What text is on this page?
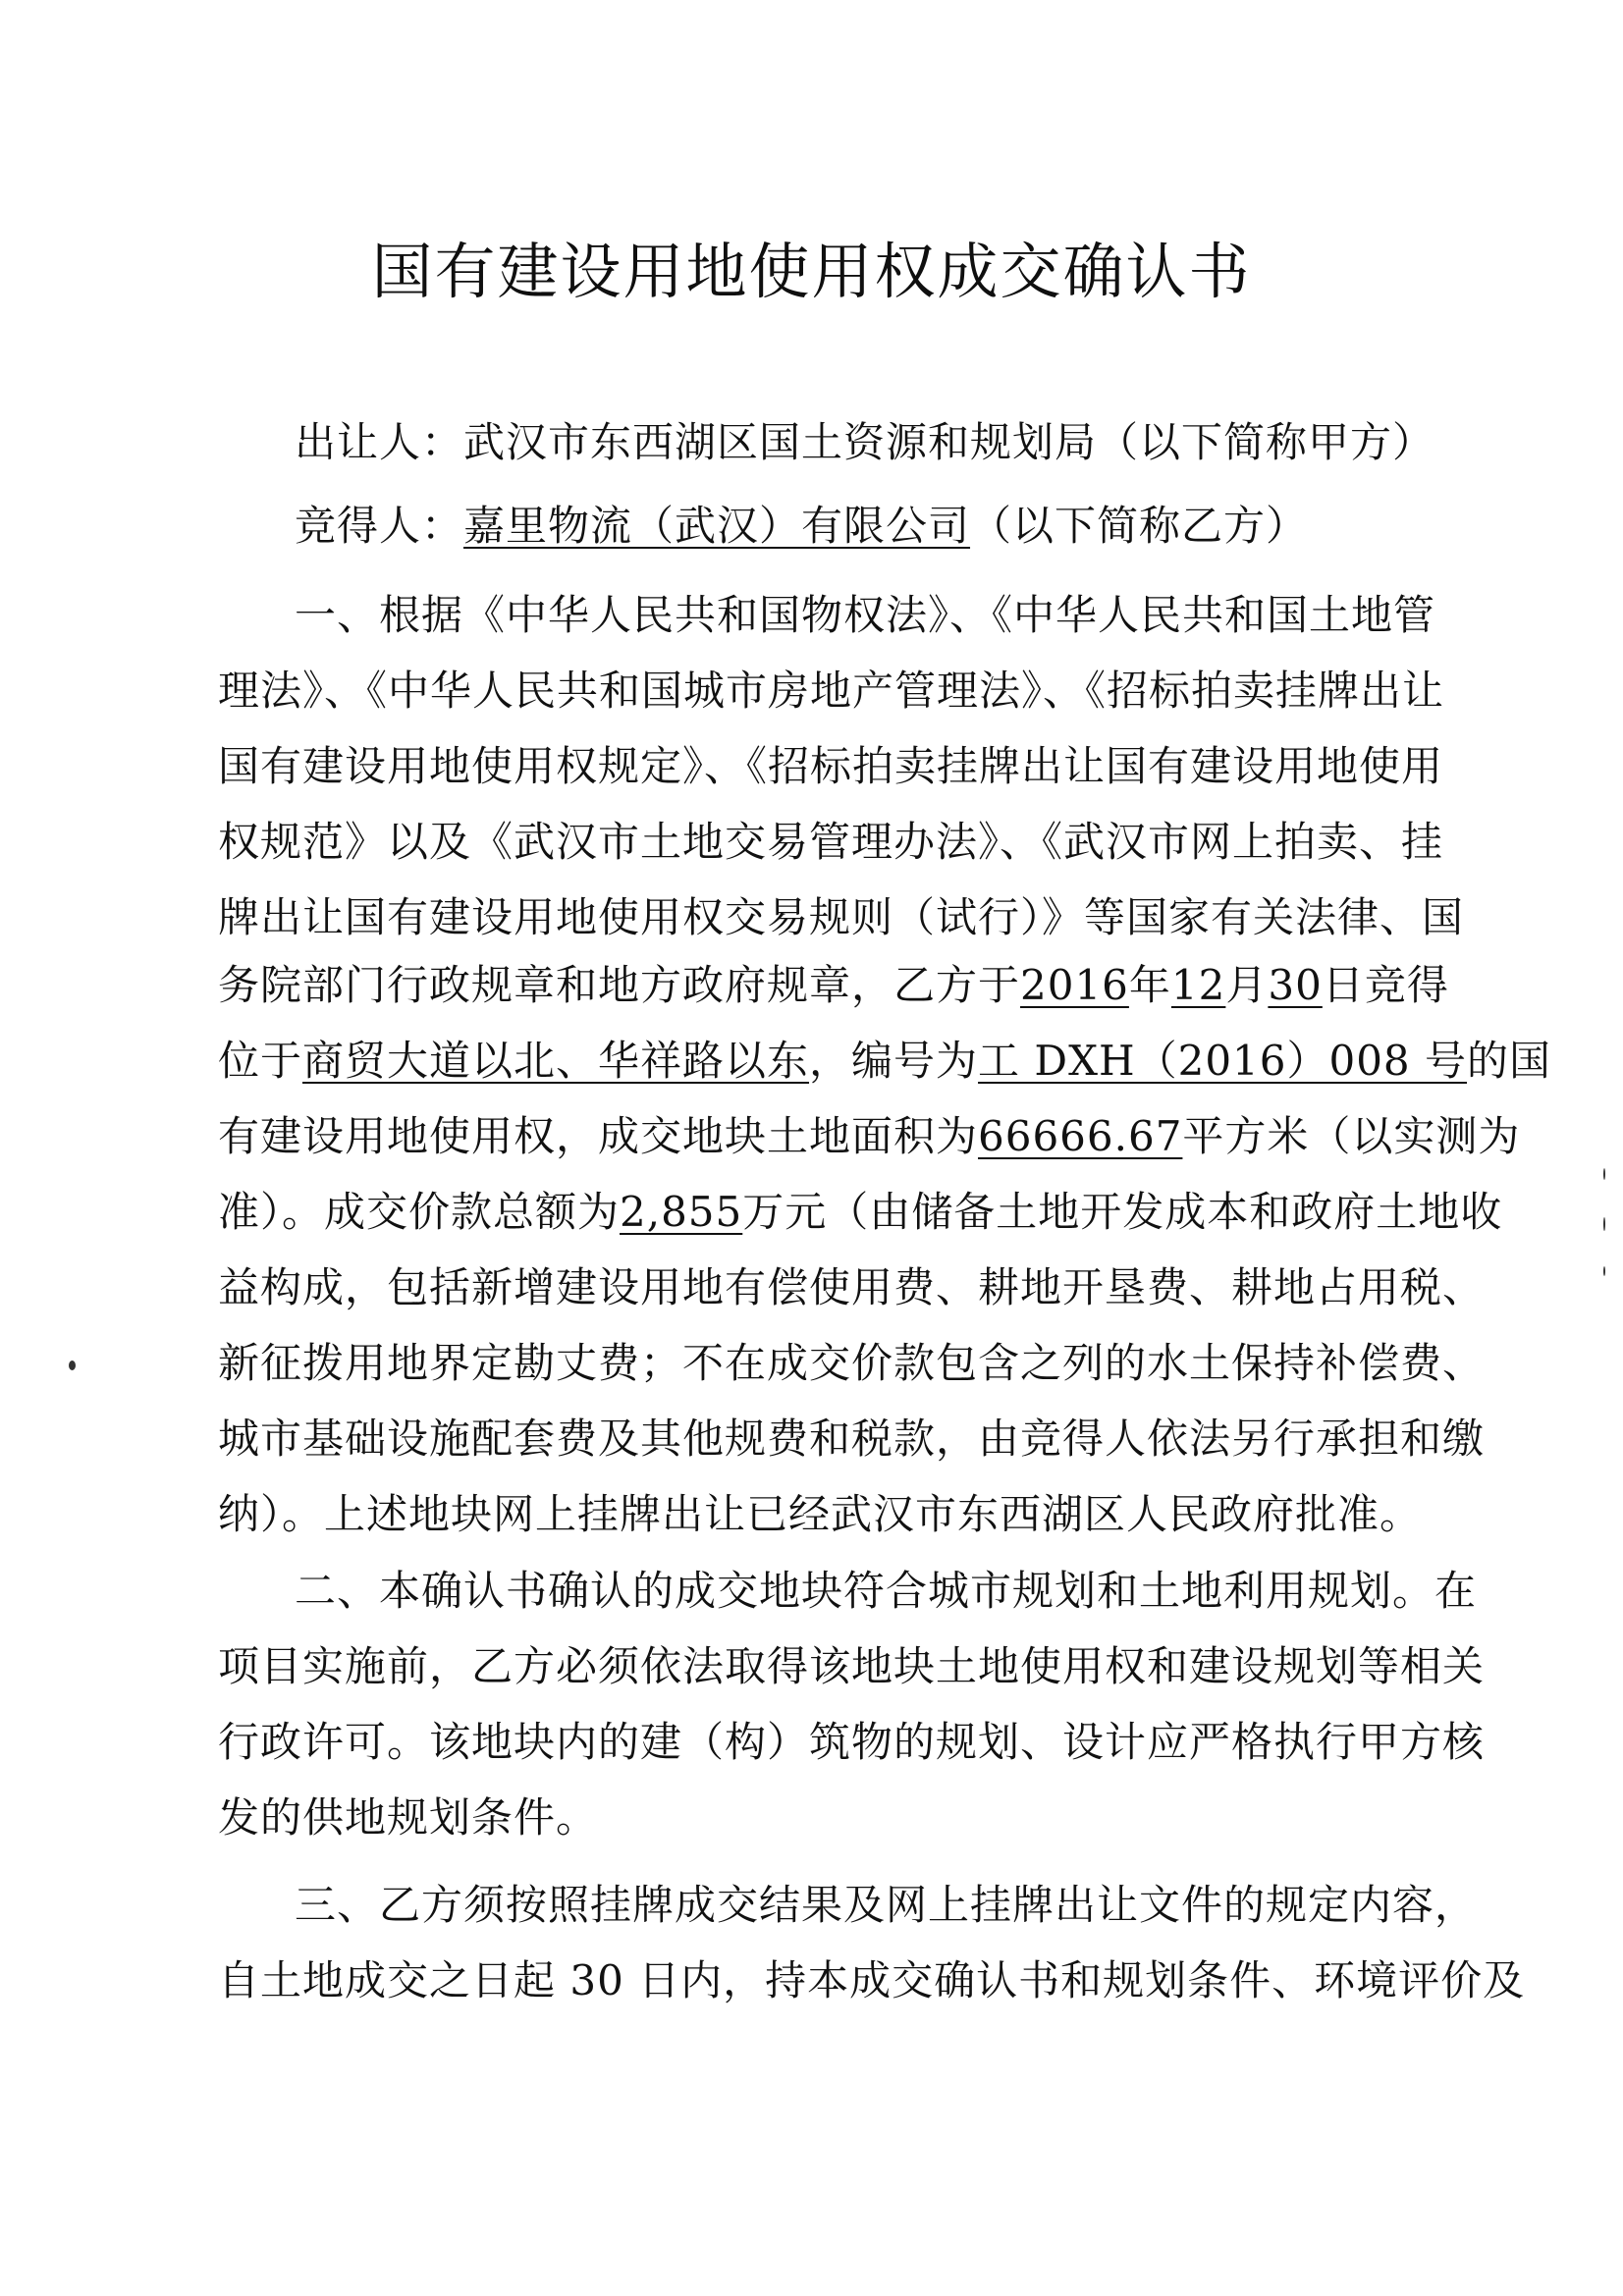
国有建设用地使用权成交确认书
出让人：武汉市东西湖区国土资源和规划局（以下简称甲方）
竞得人：嘉里物流（武汉）有限公司（以下简称乙方）
一、根据《中华人民共和国物权法》、《中华人民共和国土地管
理法》、《中华人民共和国城市房地产管理法》、《招标拍卖挂牌出让
国有建设用地使用权规定》、《招标拍卖挂牌出让国有建设用地使用
权规范》以及《武汉市土地交易管理办法》、《武汉市网上拍卖、挂
牌出让国有建设用地使用权交易规则（试行）》等国家有关法律、国
务院部门行政规章和地方政府规章，乙方于2016年12月30日竞得
位于商贸大道以北、华祥路以东，编号为工 DXH（2016）008 号的国
有建设用地使用权，成交地块土地面积为66666.67平方米（以实测为
准）。成交价款总额为2,855万元（由储备土地开发成本和政府土地收
益构成，包括新增建设用地有偿使用费、耕地开垦费、耕地占用税、
新征拨用地界定勘丈费；不在成交价款包含之列的水土保持补偿费、
城市基础设施配套费及其他规费和税款，由竞得人依法另行承担和缴
纳）。上述地块网上挂牌出让已经武汉市东西湖区人民政府批准。
二、本确认书确认的成交地块符合城市规划和土地利用规划。在
项目实施前，乙方必须依法取得该地块土地使用权和建设规划等相关
行政许可。该地块内的建（构）筑物的规划、设计应严格执行甲方核
发的供地规划条件。
三、乙方须按照挂牌成交结果及网上挂牌出让文件的规定内容，
自土地成交之日起 30 日内，持本成交确认书和规划条件、环境评价及
